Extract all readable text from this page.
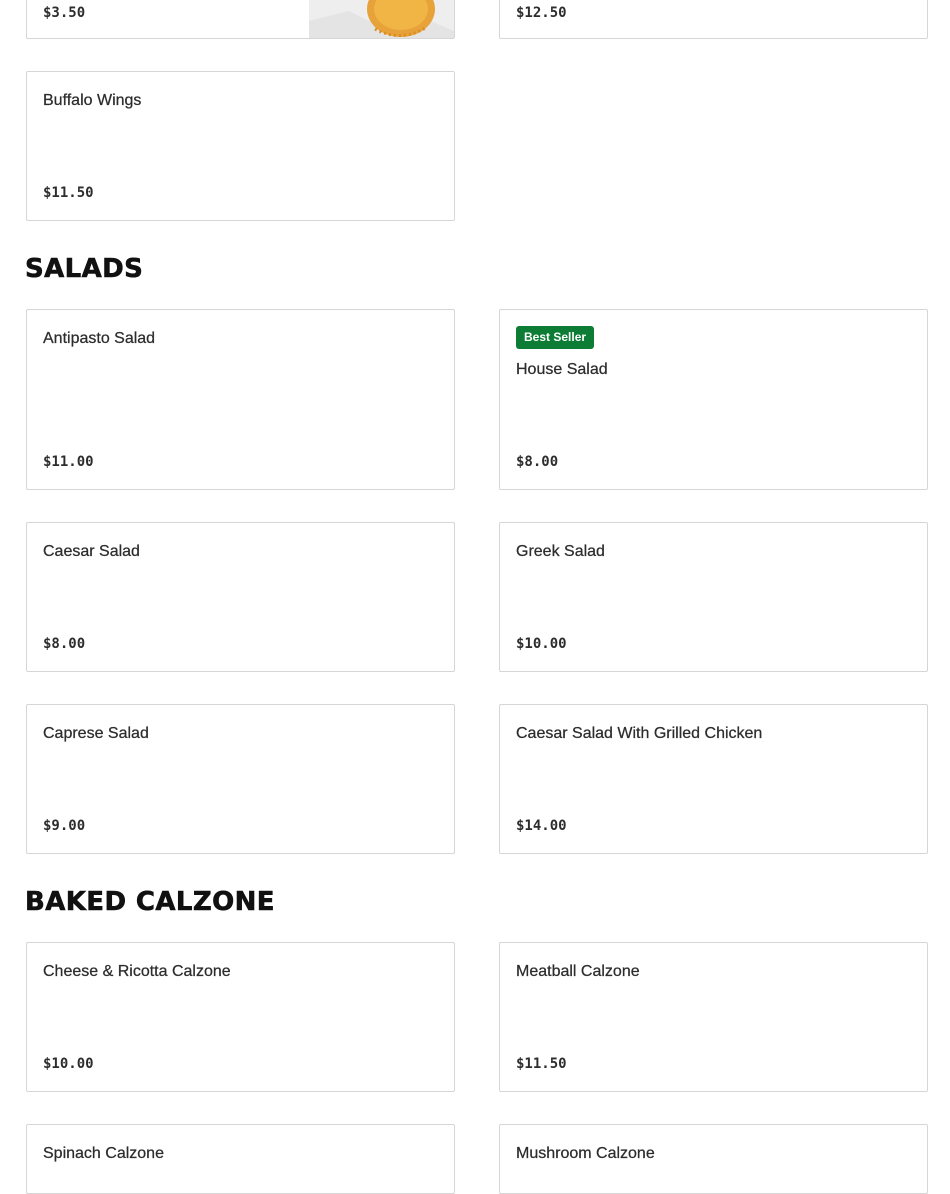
$3.50	$12.50
Buffalo Wings
$11.50
SALADS
Antipasto Salad
$11.00
Best Seller
House Salad
$8.00
Caesar Salad
$8.00
Greek Salad
$10.00
Caprese Salad
$9.00
Caesar Salad With Grilled Chicken
$14.00
BAKED CALZONE
Cheese & Ricotta Calzone
$10.00
Meatball Calzone
$11.50
Spinach Calzone	Mushroom Calzone
